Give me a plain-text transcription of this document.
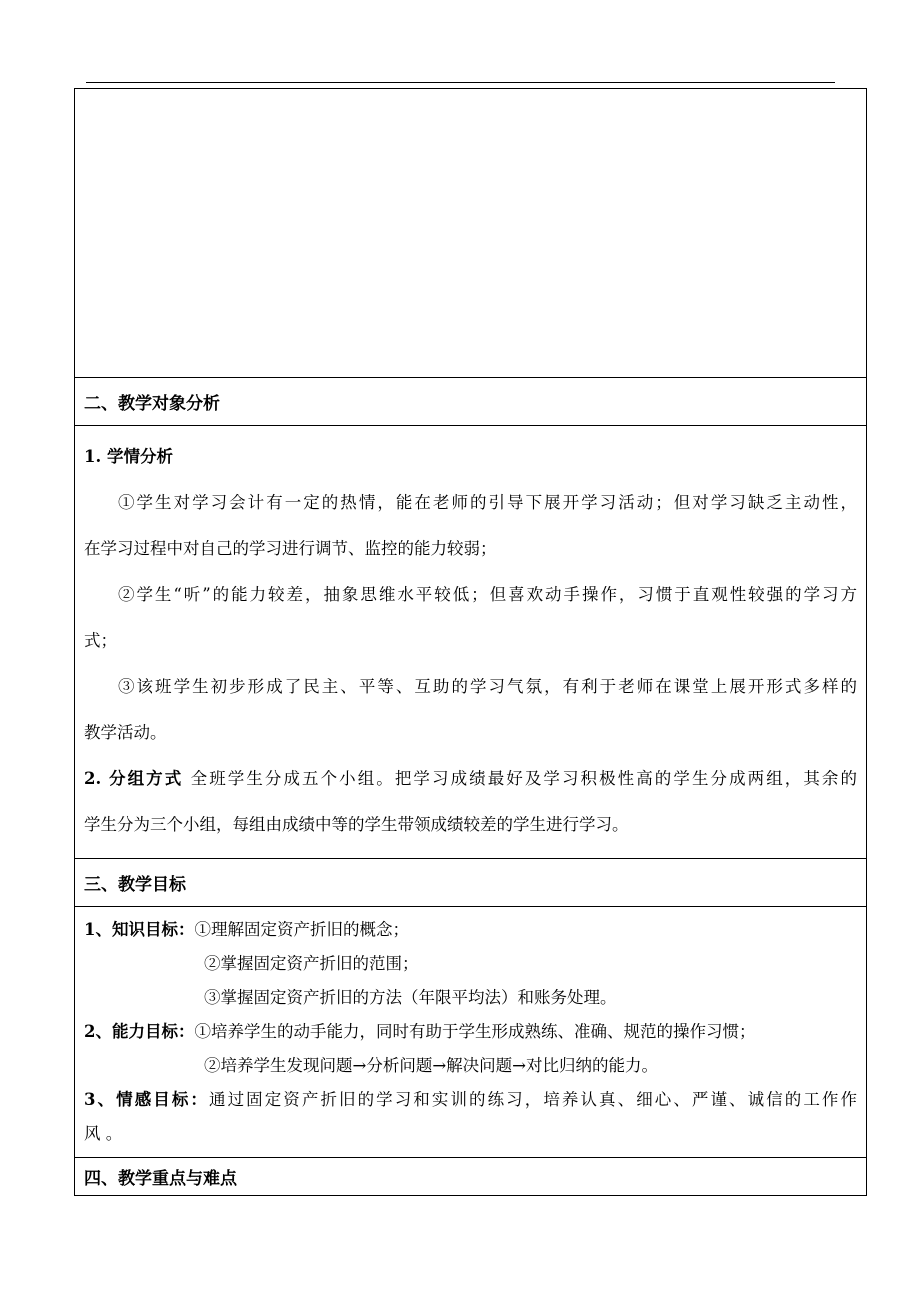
二、教学对象分析

1. 学情分析

①学生对学习会计有一定的热情，能在老师的引导下展开学习活动；但对学习缺乏主动性，

在学习过程中对自己的学习进行调节、监控的能力较弱；

②学生“听”的能力较差，抽象思维水平较低；但喜欢动手操作，习惯于直观性较强的学习方

式；

③该班学生初步形成了民主、平等、互助的学习气氛，有利于老师在课堂上展开形式多样的

教学活动。

2. 分组方式 全班学生分成五个小组。把学习成绩最好及学习积极性高的学生分成两组，其余的

学生分为三个小组，每组由成绩中等的学生带领成绩较差的学生进行学习。

三、教学目标
1、知识目标：①理解固定资产折旧的概念；
②掌握固定资产折旧的范围；
③掌握固定资产折旧的方法（年限平均法）和账务处理。
2、能力目标：①培养学生的动手能力，同时有助于学生形成熟练、准确、规范的操作习惯；
②培养学生发现问题→分析问题→解决问题→对比归纳的能力。
3、情感目标：通过固定资产折旧的学习和实训的练习，培养认真、细心、严谨、诚信的工作作
风 。
四、教学重点与难点
